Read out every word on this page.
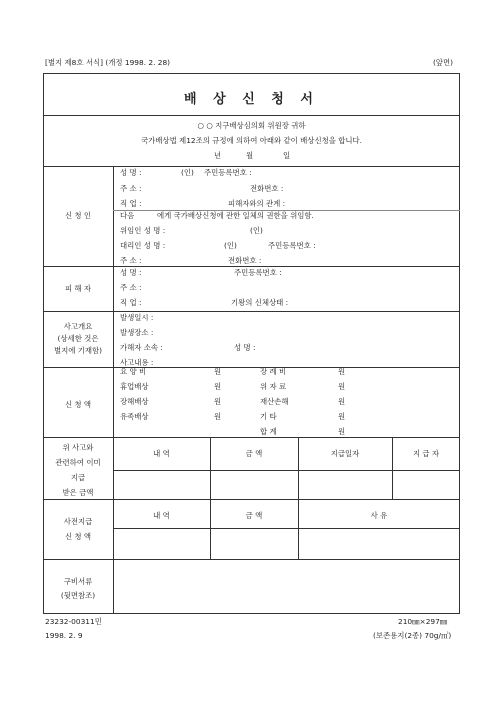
[별지 제8호 서식] (개정 1998. 2. 28)	(앞면)
배 상 신 청 서
○ ○ 지구배상심의회 위원장 귀하
국가배상법 제12조의 규정에 의하여 아래와 같이 배상신청을 합니다.
년	월	일
신 청 인
성 명 :	(인) 주민등록번호 :
주 소 :	전화번호 :
직 업 :	피해자와의 관계 :
다음	에게 국가배상신청에 관한 일체의 권한을 위임함.
위임인 성 명 :	(인)
대리인 성 명 :	(인)	주민등록번호 :
주 소 :	전화번호 :
피 해 자
성 명 :	주민등록번호 :
주 소 :
직 업 :	기왕의 신체상태 :
사고개요
(상세한 것은
별지에 기재함)
발생일시 :
발생장소 :
가해자 소속 :	성 명 :
사고내용 :
신 청 액
요 양 비	원	장 례 비	원
휴업배상	원	위 자 료	원
장해배상	원	재산손해	원
유족배상	원	기 타	원
합 계	원
위 사고와
관련하여 이미
지급
받은 금액
내 역	금 액	지급일자	지 급 자
사전지급
신 청 액
내 역	금 액	사 유
구비서류
(뒷면참조)
23232-00311민	210㎜×297㎜
1998. 2. 9	(보존용지(2종) 70g/㎡)
